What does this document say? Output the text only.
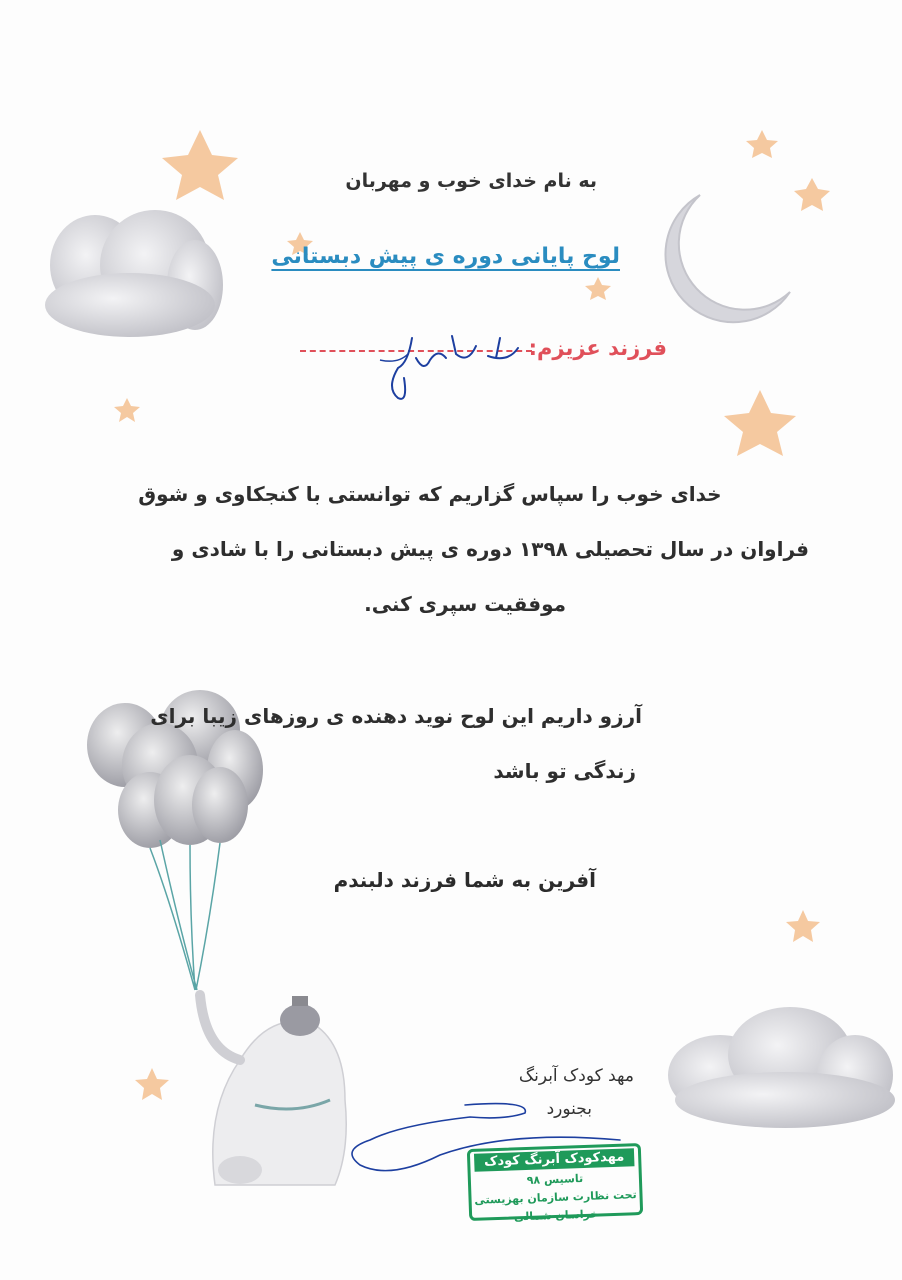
به نام خدای خوب و مهربان
لوح پایانی دوره ی پیش دبستانی
فرزند عزیزم:
خدای خوب را سپاس گزاریم که توانستی با کنجکاوی و شوق
فراوان در سال تحصیلی ۱۳۹۸ دوره ی پیش دبستانی را با شادی و
موفقیت سپری کنی.
آرزو داریم این لوح نوید دهنده ی روزهای زیبا برای
زندگی تو باشد
آفرین به شما فرزند دلبندم
مهد کودک آبرنگ
بجنورد
مهدکودک آبرنگ کودک
تاسیس ۹۸
تحت نظارت سازمان بهزیستی خراسان شمالی
